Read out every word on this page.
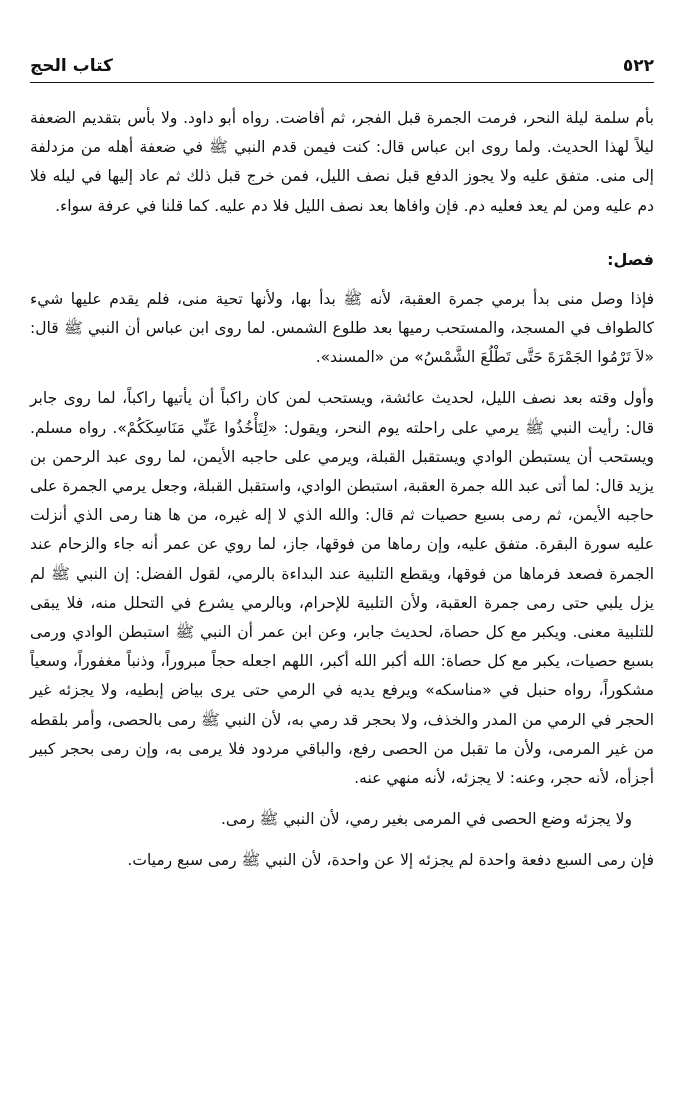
٥٢٢
كتاب الحج

بأم سلمة ليلة النحر، فرمت الجمرة قبل الفجر، ثم أفاضت. رواه أبو داود. ولا بأس بتقديم الضعفة ليلاً لهذا الحديث. ولما روى ابن عباس قال: كنت فيمن قدم النبي ﷺ في ضعفة أهله من مزدلفة إلى منى. متفق عليه ولا يجوز الدفع قبل نصف الليل، فمن خرج قبل ذلك ثم عاد إليها في ليله فلا دم عليه ومن لم يعد فعليه دم. فإن وافاها بعد نصف الليل فلا دم عليه. كما قلنا في عرفة سواء.

فصل:

فإذا وصل منى بدأ برمي جمرة العقبة، لأنه ﷺ بدأ بها، ولأنها تحية منى، فلم يقدم عليها شيء كالطواف في المسجد، والمستحب رميها بعد طلوع الشمس. لما روى ابن عباس أن النبي ﷺ قال: «لاَ تَرْمُوا الجَمْرَةَ حَتَّى تَطْلُعَ الشَّمْسُ» من «المسند».

وأول وقته بعد نصف الليل، لحديث عائشة، ويستحب لمن كان راكباً أن يأتيها راكباً، لما روى جابر قال: رأيت النبي ﷺ يرمي على راحلته يوم النحر، ويقول: «لِتَأْخُذُوا عَنِّي مَنَاسِكَكُمْ». رواه مسلم. ويستحب أن يستبطن الوادي ويستقبل القبلة، ويرمي على حاجبه الأيمن، لما روى عبد الرحمن بن يزيد قال: لما أتى عبد الله جمرة العقبة، استبطن الوادي، واستقبل القبلة، وجعل يرمي الجمرة على حاجبه الأيمن، ثم رمى بسبع حصيات ثم قال: والله الذي لا إله غيره، من ها هنا رمى الذي أنزلت عليه سورة البقرة. متفق عليه، وإن رماها من فوقها، جاز، لما روي عن عمر أنه جاء والزحام عند الجمرة فصعد فرماها من فوقها، ويقطع التلبية عند البداءة بالرمي، لقول الفضل: إن النبي ﷺ لم يزل يلبي حتى رمى جمرة العقبة، ولأن التلبية للإحرام، وبالرمي يشرع في التحلل منه، فلا يبقى للتلبية معنى. ويكبر مع كل حصاة، لحديث جابر، وعن ابن عمر أن النبي ﷺ استبطن الوادي ورمى بسبع حصيات، يكبر مع كل حصاة: الله أكبر الله أكبر، اللهم اجعله حجاً مبروراً، وذنباً مغفوراً، وسعياً مشكوراً، رواه حنبل في «مناسكه» ويرفع يديه في الرمي حتى يرى بياض إبطيه، ولا يجزئه غير الحجر في الرمي من المدر والخذف، ولا بحجر قد رمي به، لأن النبي ﷺ رمى بالحصى، وأمر بلقطه من غير المرمى، ولأن ما تقبل من الحصى رفع، والباقي مردود فلا يرمى به، وإن رمى بحجر كبير أجزأه، لأنه حجر، وعنه: لا يجزئه، لأنه منهي عنه.

ولا يجزئه وضع الحصى في المرمى بغير رمي، لأن النبي ﷺ رمى.

فإن رمى السبع دفعة واحدة لم يجزئه إلا عن واحدة، لأن النبي ﷺ رمى سبع رميات.
